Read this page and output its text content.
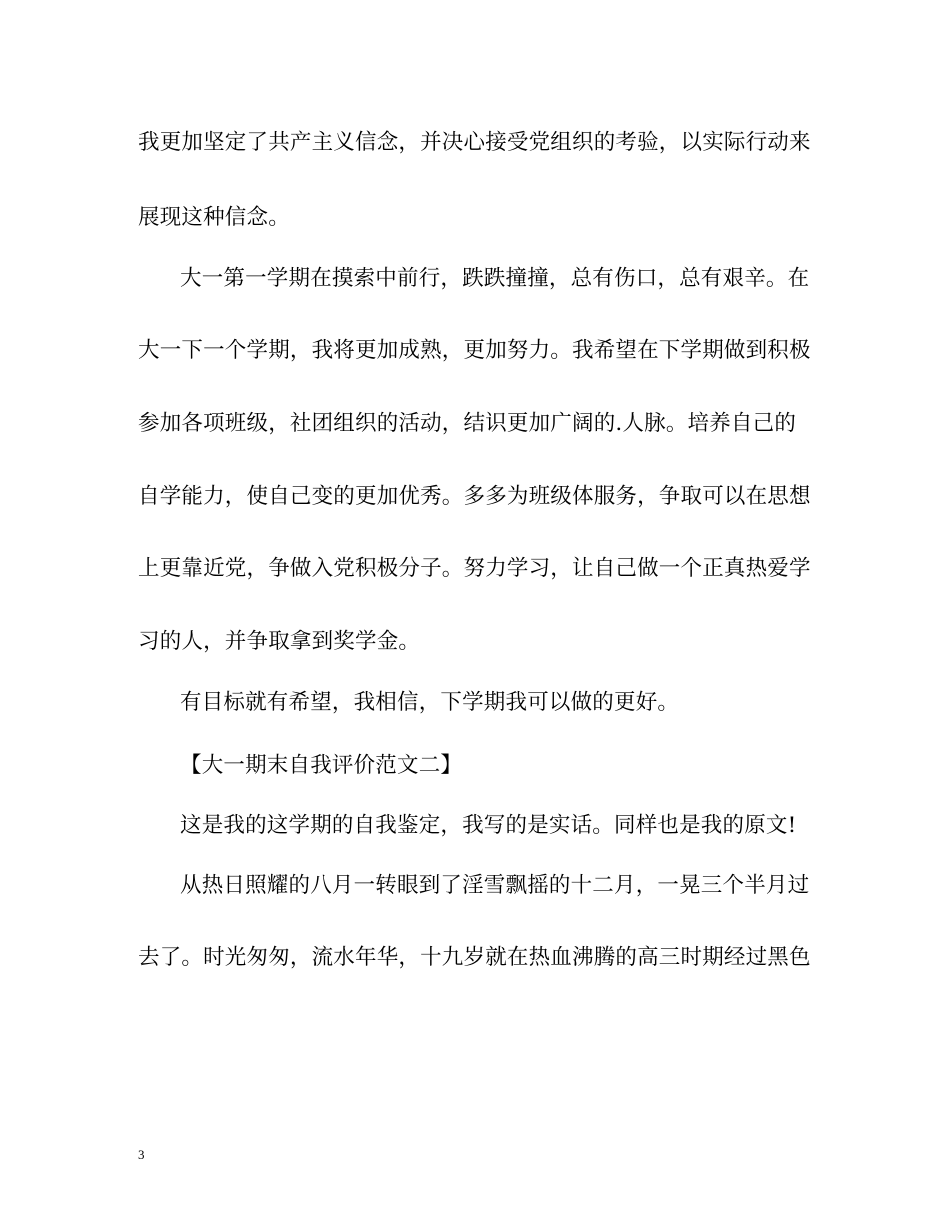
我更加坚定了共产主义信念，并决心接受党组织的考验，以实际行动来
展现这种信念。
大一第一学期在摸索中前行，跌跌撞撞，总有伤口，总有艰辛。在
大一下一个学期，我将更加成熟，更加努力。我希望在下学期做到积极
参加各项班级，社团组织的活动，结识更加广阔的.人脉。培养自己的
自学能力，使自己变的更加优秀。多多为班级体服务，争取可以在思想
上更靠近党，争做入党积极分子。努力学习，让自己做一个正真热爱学
习的人，并争取拿到奖学金。
有目标就有希望，我相信，下学期我可以做的更好。
【大一期末自我评价范文二】
这是我的这学期的自我鉴定，我写的是实话。同样也是我的原文!
从热日照耀的八月一转眼到了淫雪飘摇的十二月，一晃三个半月过
去了。时光匆匆，流水年华，十九岁就在热血沸腾的高三时期经过黑色
3
